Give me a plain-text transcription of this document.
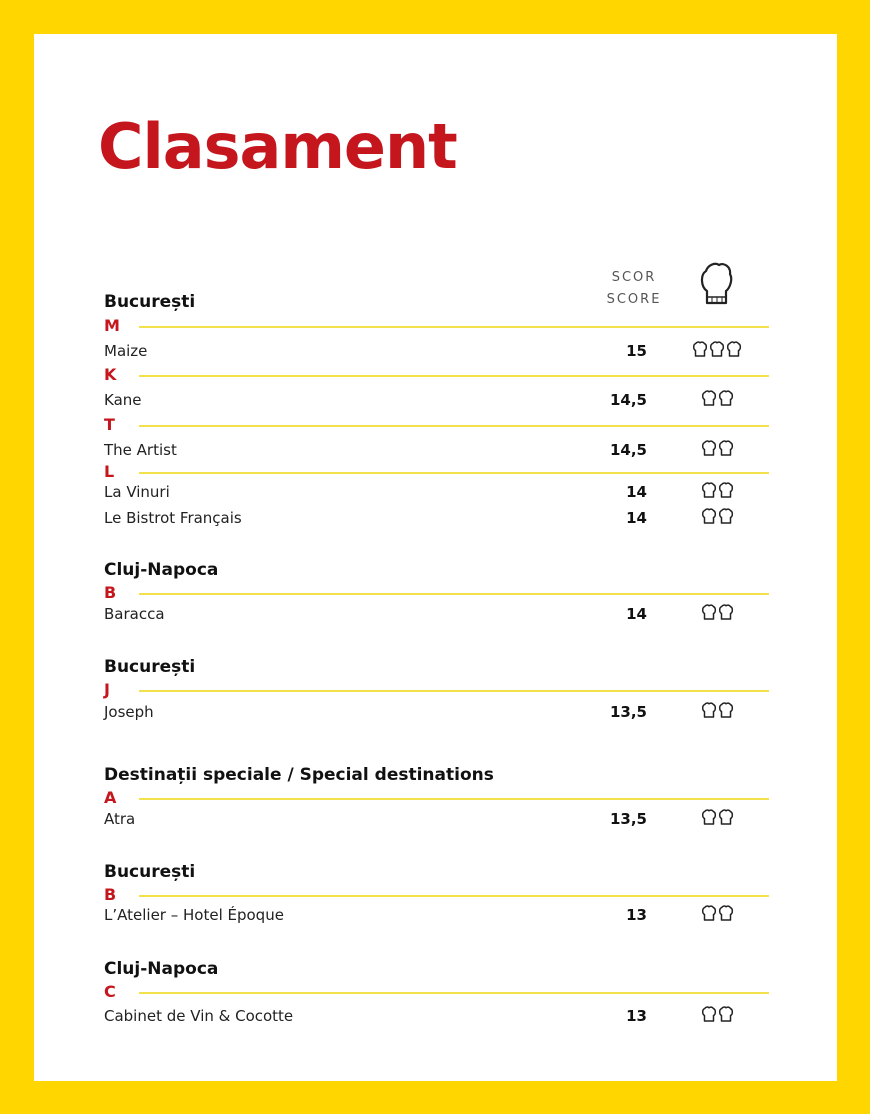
Clasament
SCOR
SCORE
București
M
Maize	15
K
Kane	14,5
T
The Artist	14,5
L
La Vinuri	14
Le Bistrot Français	14
Cluj-Napoca
B
Baracca	14
București
J
Joseph	13,5
Destinații speciale / Special destinations
A
Atra	13,5
București
B
L’Atelier – Hotel Époque	13
Cluj-Napoca
C
Cabinet de Vin & Cocotte	13
